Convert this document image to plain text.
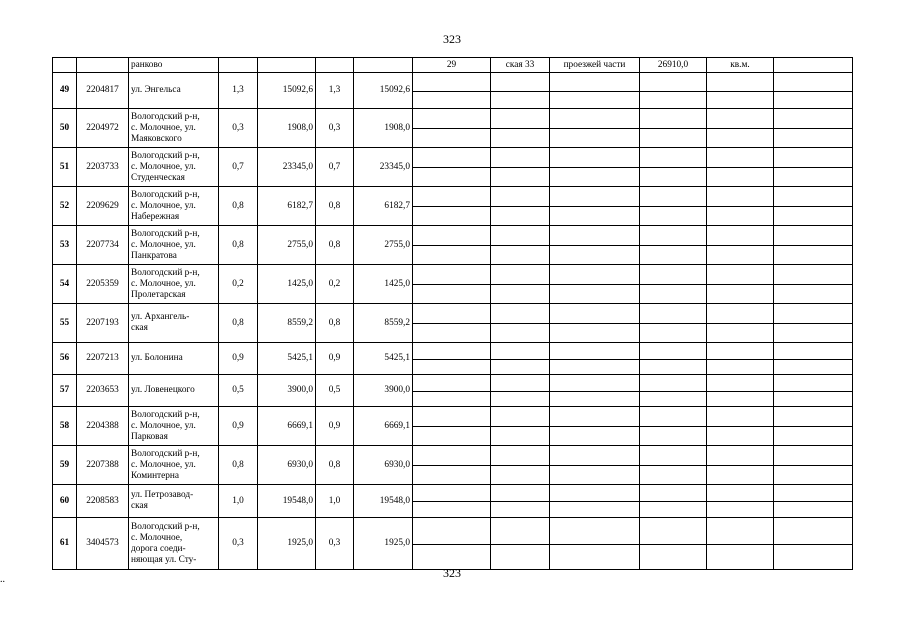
323
..
		ранково					29	ская 33	проезжей части	26910,0	кв.м.	
49	2204817	ул. Энгельса	1,3	15092,6	1,3	15092,6	

50	2204972	Вологодский р-н,
с. Молочное, ул.
Маяковского	0,3	1908,0	0,3	1908,0	

51	2203733	Вологодский р-н,
с. Молочное, ул.
Студенческая	0,7	23345,0	0,7	23345,0	

52	2209629	Вологодский р-н,
с. Молочное, ул.
Набережная	0,8	6182,7	0,8	6182,7	

53	2207734	Вологодский р-н,
с. Молочное, ул.
Панкратова	0,8	2755,0	0,8	2755,0	

54	2205359	Вологодский р-н,
с. Молочное, ул.
Пролетарская	0,2	1425,0	0,2	1425,0	

55	2207193	ул. Архангель-
ская	0,8	8559,2	0,8	8559,2	

56	2207213	ул. Болонина	0,9	5425,1	0,9	5425,1	

57	2203653	ул. Ловенецкого	0,5	3900,0	0,5	3900,0	

58	2204388	Вологодский р-н,
с. Молочное, ул.
Парковая	0,9	6669,1	0,9	6669,1	

59	2207388	Вологодский р-н,
с. Молочное, ул.
Коминтерна	0,8	6930,0	0,8	6930,0	

60	2208583	ул. Петрозавод-
ская	1,0	19548,0	1,0	19548,0	

61	3404573	Вологодский р-н,
с. Молочное,
дорога соеди-
няющая ул. Сту-	0,3	1925,0	0,3	1925,0	

323
